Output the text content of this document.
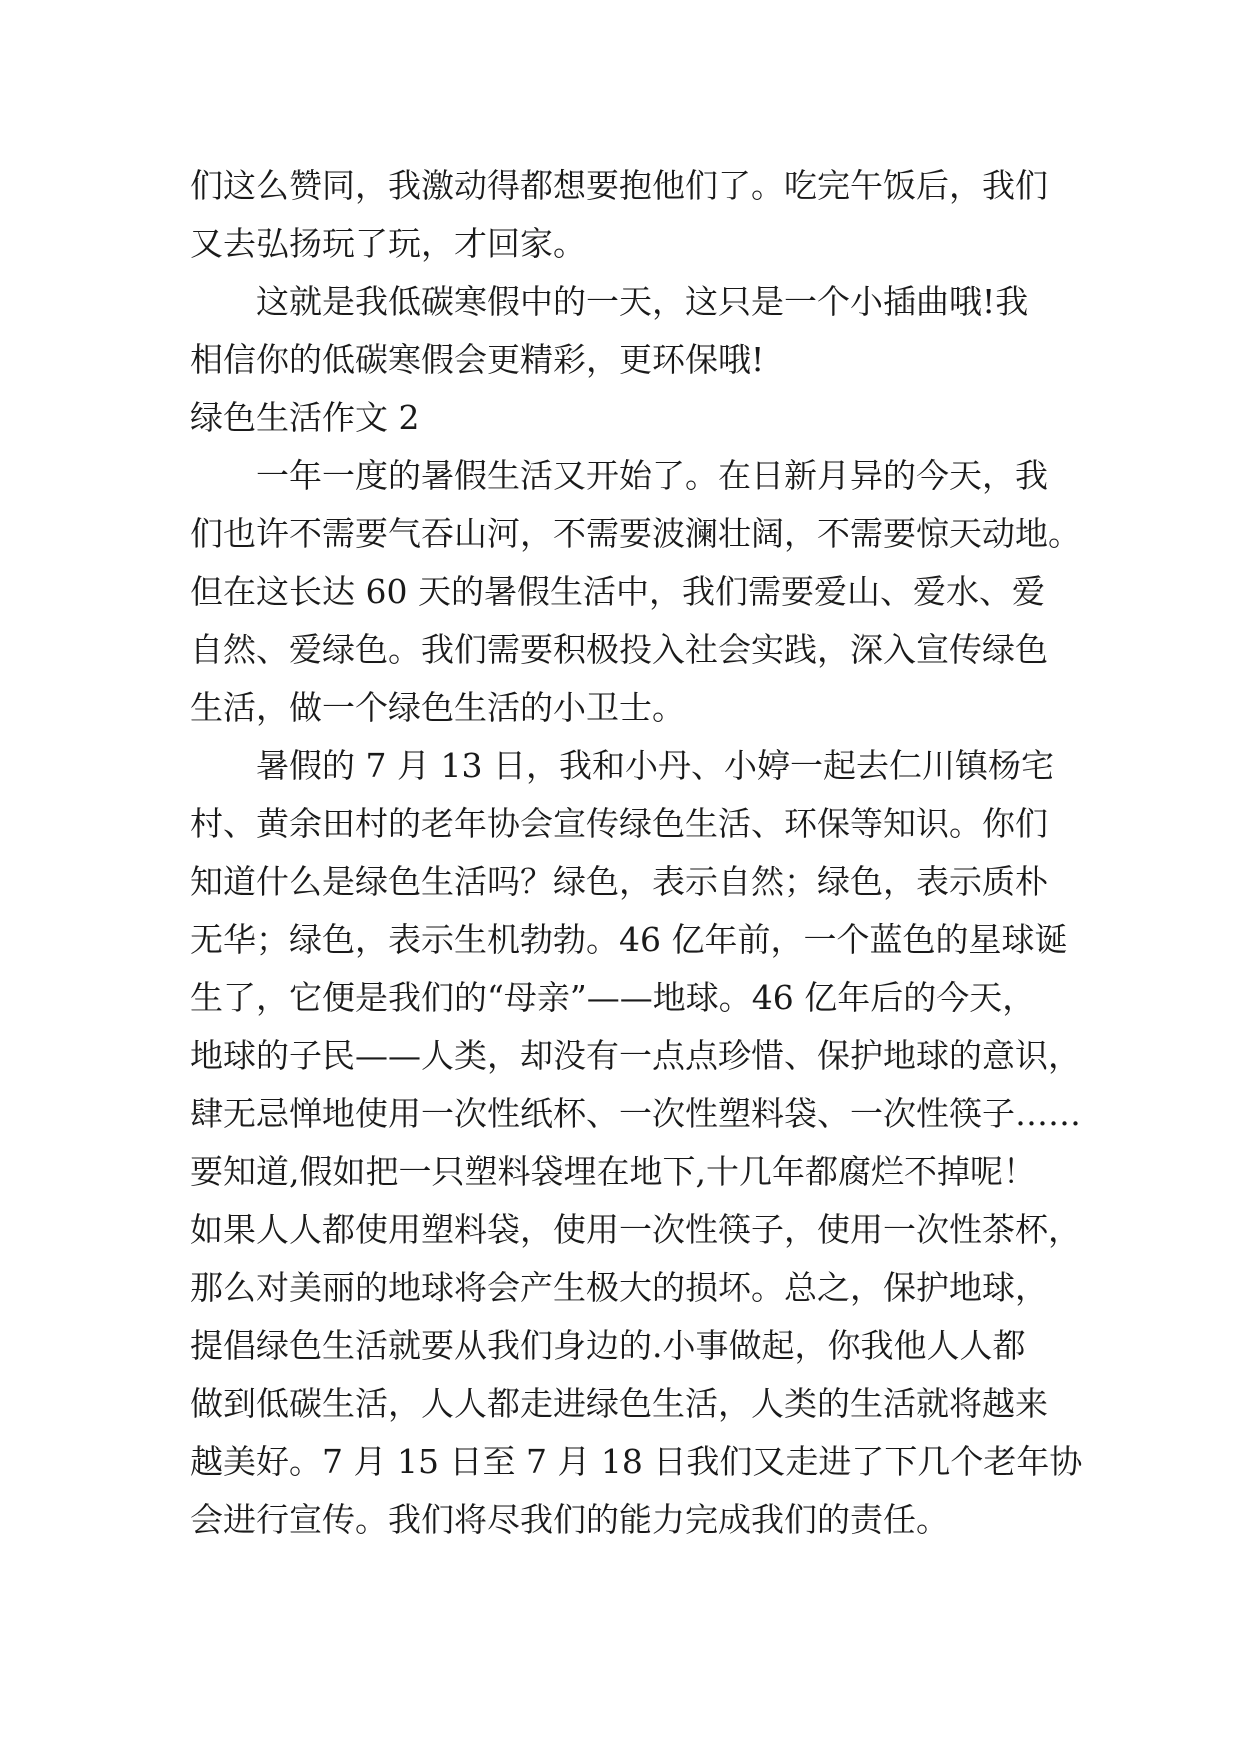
们这么赞同，我激动得都想要抱他们了。吃完午饭后，我们
又去弘扬玩了玩，才回家。
这就是我低碳寒假中的一天，这只是一个小插曲哦!我
相信你的低碳寒假会更精彩，更环保哦!
绿色生活作文 2
一年一度的暑假生活又开始了。在日新月异的今天，我
们也许不需要气吞山河，不需要波澜壮阔，不需要惊天动地。
但在这长达 60 天的暑假生活中，我们需要爱山、爱水、爱
自然、爱绿色。我们需要积极投入社会实践，深入宣传绿色
生活，做一个绿色生活的小卫士。
暑假的 7 月 13 日，我和小丹、小婷一起去仁川镇杨宅
村、黄余田村的老年协会宣传绿色生活、环保等知识。你们
知道什么是绿色生活吗？绿色，表示自然；绿色，表示质朴
无华；绿色，表示生机勃勃。46 亿年前，一个蓝色的星球诞
生了，它便是我们的“母亲”——地球。46 亿年后的今天，
地球的子民——人类，却没有一点点珍惜、保护地球的意识，
肆无忌惮地使用一次性纸杯、一次性塑料袋、一次性筷子……
要知道,假如把一只塑料袋埋在地下,十几年都腐烂不掉呢！
如果人人都使用塑料袋，使用一次性筷子，使用一次性茶杯，
那么对美丽的地球将会产生极大的损坏。总之，保护地球，
提倡绿色生活就要从我们身边的.小事做起，你我他人人都
做到低碳生活，人人都走进绿色生活，人类的生活就将越来
越美好。7 月 15 日至 7 月 18 日我们又走进了下几个老年协
会进行宣传。我们将尽我们的能力完成我们的责任。
